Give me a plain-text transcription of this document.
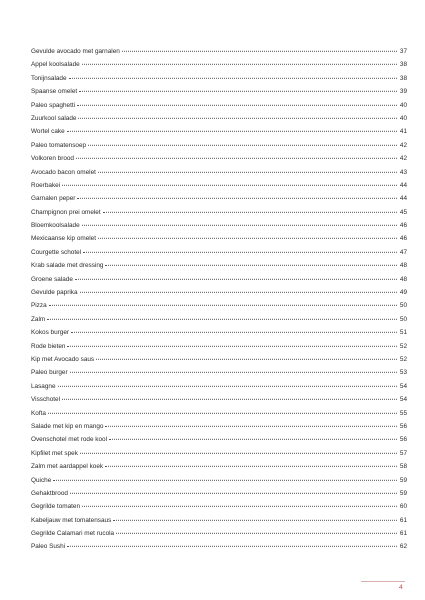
Gevulde avocado met garnalen	37
Appel koolsalade	38
Tonijnsalade	38
Spaanse omelet	39
Paleo spaghetti	40
Zuurkool salade	40
Wortel cake	41
Paleo tomatensoep	42
Volkoren brood	42
Avocado bacon omelet	43
Roerbakei	44
Garnalen peper	44
Champignon prei omelet	45
Bloemkoolsalade	46
Mexicaanse kip omelet	46
Courgette schotel	47
Krab salade met dressing	48
Groene salade	48
Gevulde paprika	49
Pizza	50
Zalm	50
Kokos burger	51
Rode bieten	52
Kip met Avocado saus	52
Paleo burger	53
Lasagne	54
Visschotel	54
Kofta	55
Salade met kip en mango	56
Ovenschotel met rode kool	56
Kipfilet met spek	57
Zalm met aardappel koek	58
Quiche	59
Gehaktbrood	59
Gegrilde tomaten	60
Kabeljauw met tomatensaus	61
Gegrilde Calamari met rucola	61
Paleo Sushi	62
4
